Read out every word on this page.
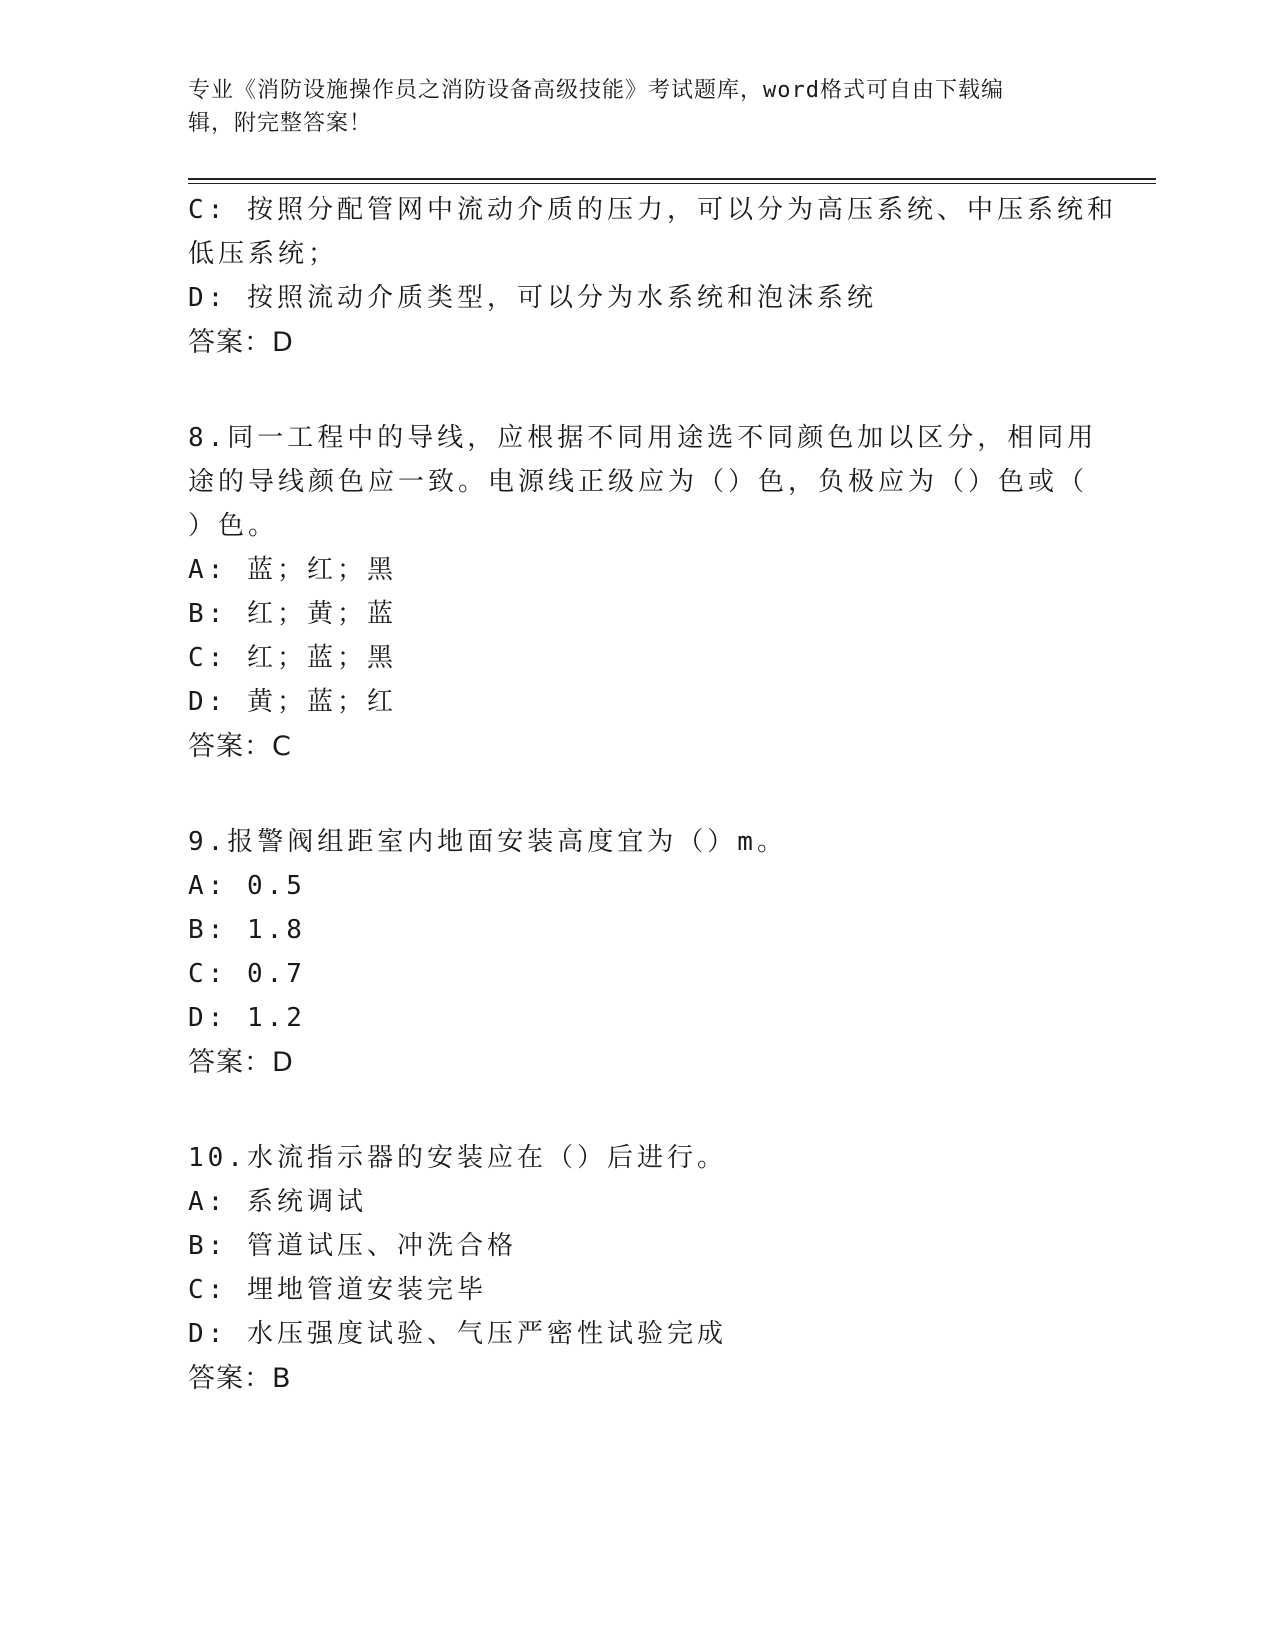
专业《消防设施操作员之消防设备高级技能》考试题库，word格式可自由下载编
辑，附完整答案！
C: 按照分配管网中流动介质的压力，可以分为高压系统、中压系统和
低压系统；
D: 按照流动介质类型，可以分为水系统和泡沫系统
答案：D
8.同一工程中的导线，应根据不同用途选不同颜色加以区分，相同用
途的导线颜色应一致。电源线正级应为（）色，负极应为（）色或（
）色。
A: 蓝；红；黑
B: 红；黄；蓝
C: 红；蓝；黑
D: 黄；蓝；红
答案：C
9.报警阀组距室内地面安装高度宜为（）m。
A: 0.5
B: 1.8
C: 0.7
D: 1.2
答案：D
10.水流指示器的安装应在（）后进行。
A: 系统调试
B: 管道试压、冲洗合格
C: 埋地管道安装完毕
D: 水压强度试验、气压严密性试验完成
答案：B
